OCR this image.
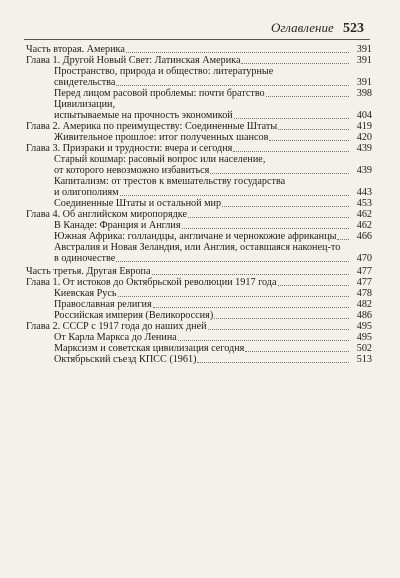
Оглавление 523
Часть вторая. Америка	391
Глава 1. Другой Новый Свет: Латинская Америка	391
Пространство, природа и общество: литературные
свидетельства	391
Перед лицом расовой проблемы: почти братство	398
Цивилизации,
испытываемые на прочность экономикой	404
Глава 2. Америка по преимуществу: Соединенные Штаты	419
Живительное прошлое: итог полученных шансов	420
Глава 3. Призраки и трудности: вчера и сегодня	439
Старый кошмар: расовый вопрос или население,
от которого невозможно избавиться	439
Капитализм: от трестов к вмешательству государства
и олигополиям	443
Соединенные Штаты и остальной мир	453
Глава 4. Об английском миропорядке	462
В Канаде: Франция и Англия	462
Южная Африка: голландцы, англичане и чернокожие африканцы	466
Австралия и Новая Зеландия, или Англия, оставшаяся наконец-то
в одиночестве	470
Часть третья. Другая Европа	477
Глава 1. От истоков до Октябрьской революции 1917 года	477
Киевская Русь	478
Православная религия	482
Российская империя (Великороссия)	486
Глава 2. СССР с 1917 года до наших дней	495
От Карла Маркса до Ленина	495
Марксизм и советская цивилизация сегодня	502
Октябрьский съезд КПСС (1961)	513
